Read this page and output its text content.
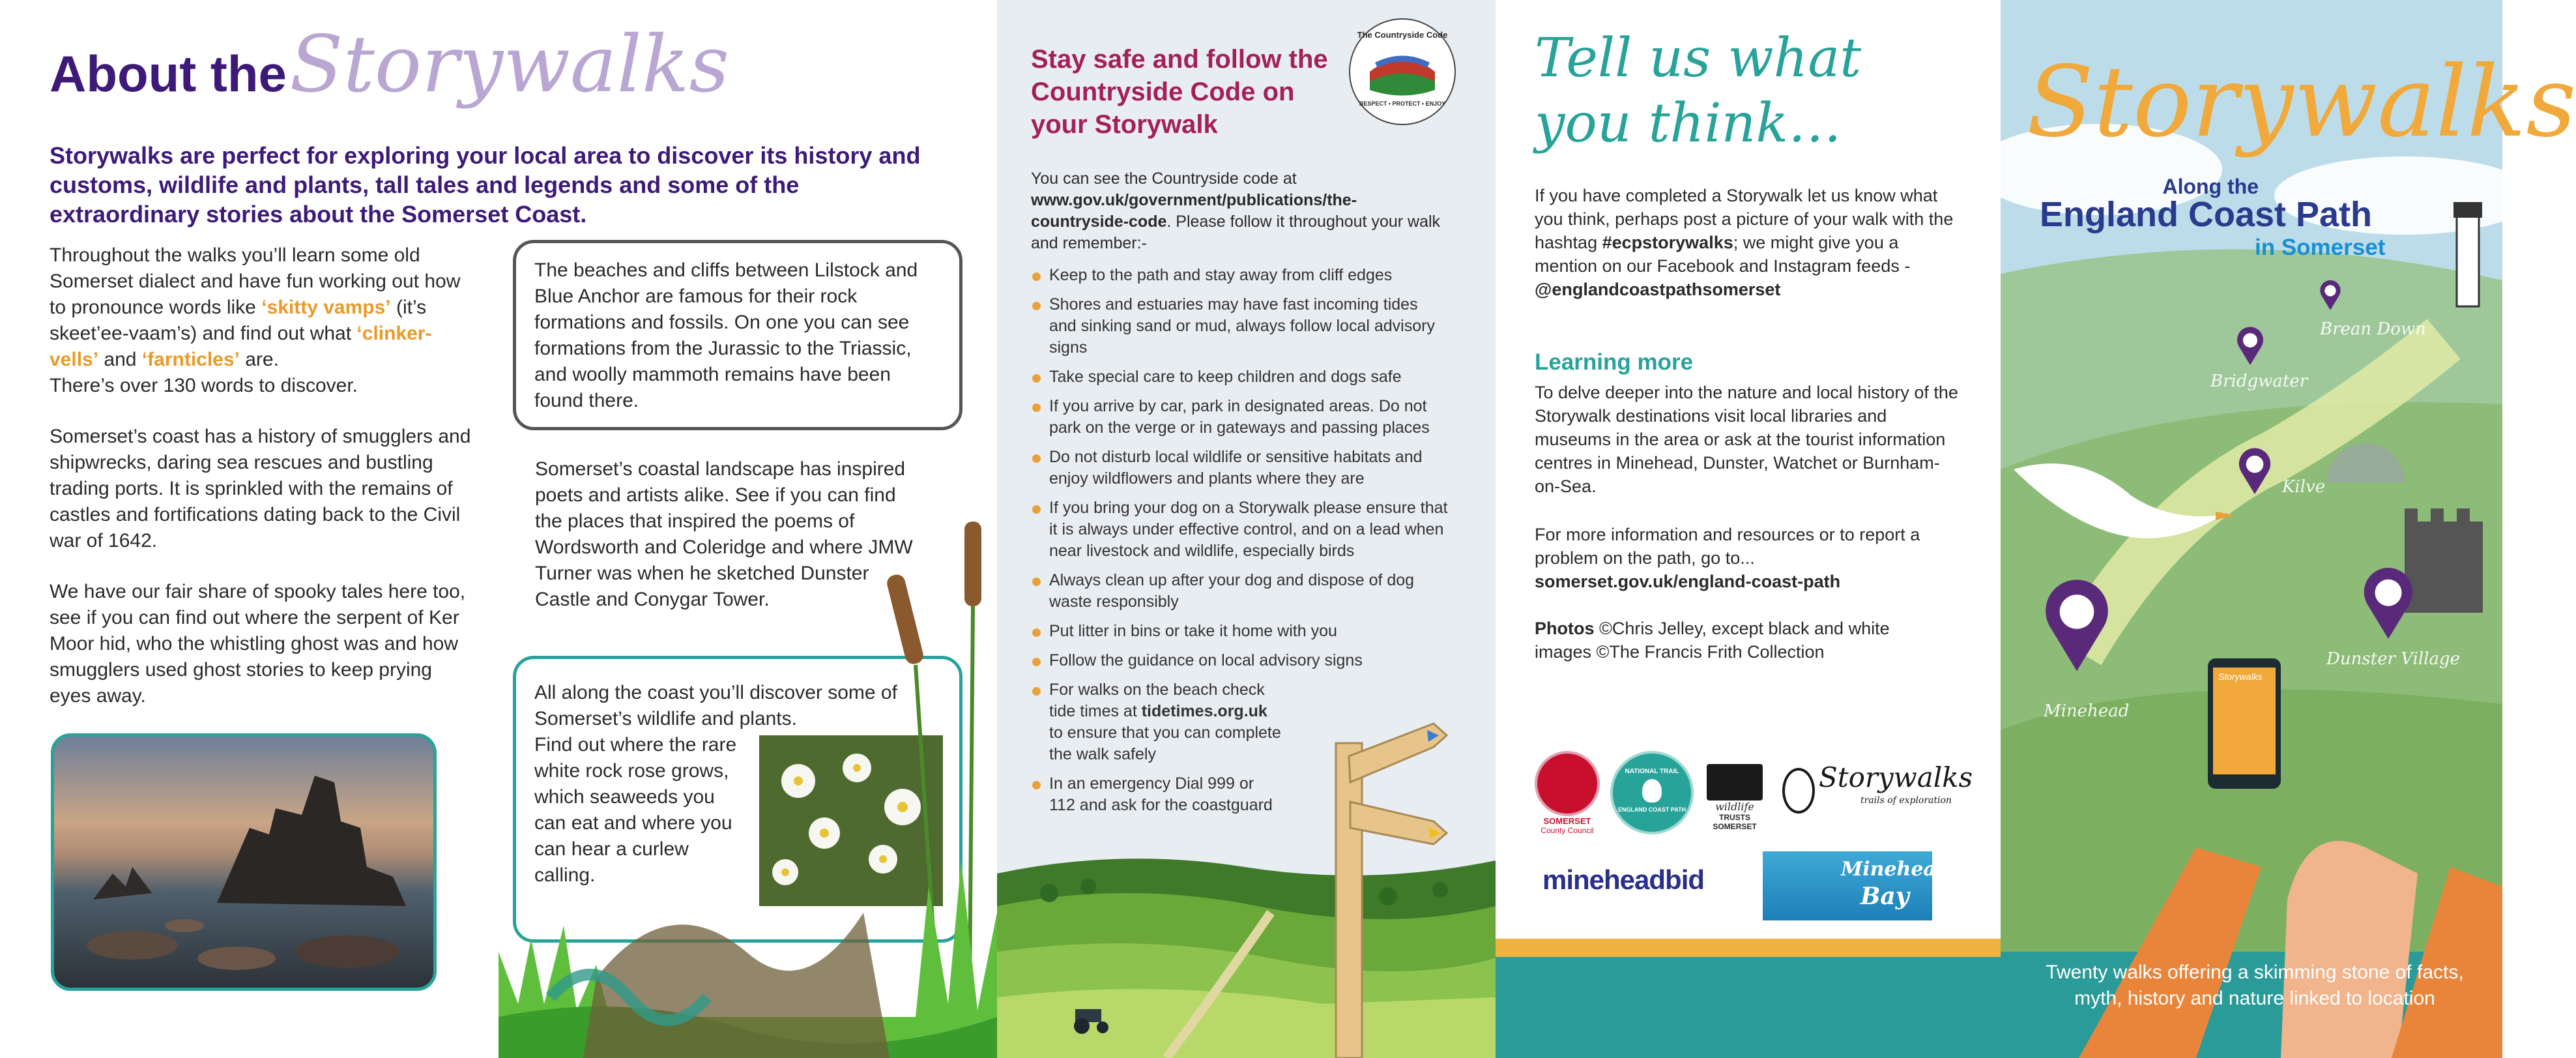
About the Storywalks
Storywalks are perfect for exploring your local area to discover its history and customs, wildlife and plants, tall tales and legends and some of the extraordinary stories about the Somerset Coast.
Throughout the walks you’ll learn some old Somerset dialect and have fun working out how to pronounce words like ‘skitty vamps’ (it’s skeet’ee-vaam’s) and find out what ‘clinker-vells’ and ‘farnticles’ are.
There’s over 130 words to discover.
Somerset’s coast has a history of smugglers and shipwrecks, daring sea rescues and bustling trading ports. It is sprinkled with the remains of castles and fortifications dating back to the Civil war of 1642.
We have our fair share of spooky tales here too, see if you can find out where the serpent of Ker Moor hid, who the whistling ghost was and how smugglers used ghost stories to keep prying eyes away.
The wreck of the Nornen at Berrow
The beaches and cliffs between Lilstock and Blue Anchor are famous for their rock formations and fossils. On one you can see formations from the Jurassic to the Triassic, and woolly mammoth remains have been found there.
Somerset’s coastal landscape has inspired poets and artists alike. See if you can find the places that inspired the poems of Wordsworth and Coleridge and where JMW Turner was when he sketched Dunster Castle and Conygar Tower.
All along the coast you’ll discover some of Somerset’s wildlife and plants.
Find out where the rare white rock rose grows, which seaweeds you can eat and where you can hear a curlew calling.
Stay safe and follow the Countryside Code on your Storywalk
The Countryside Code
RESPECT • PROTECT • ENJOY
You can see the Countryside code at
www.gov.uk/government/publications/the-countryside-code. Please follow it throughout your walk and remember:-
Keep to the path and stay away from cliff edges
Shores and estuaries may have fast incoming tides and sinking sand or mud, always follow local advisory signs
Take special care to keep children and dogs safe
If you arrive by car, park in designated areas. Do not park on the verge or in gateways and passing places
Do not disturb local wildlife or sensitive habitats and enjoy wildflowers and plants where they are
If you bring your dog on a Storywalk please ensure that it is always under effective control, and on a lead when near livestock and wildlife, especially birds
Always clean up after your dog and dispose of dog waste responsibly
Put litter in bins or take it home with you
Follow the guidance on local advisory signs
For walks on the beach check tide times at tidetimes.org.uk to ensure that you can complete the walk safely
In an emergency Dial 999 or 112 and ask for the coastguard
Tell us what
you think…
If you have completed a Storywalk let us know what you think, perhaps post a picture of your walk with the hashtag #ecpstorywalks; we might give you a mention on our Facebook and Instagram feeds -
@englandcoastpathsomerset
Learning more
To delve deeper into the nature and local history of the Storywalk destinations visit local libraries and museums in the area or ask at the tourist information centres in Minehead, Dunster, Watchet or Burnham-on-Sea.
For more information and resources or to report a problem on the path, go to...
somerset.gov.uk/england-coast-path
Photos ©Chris Jelley, except black and white images ©The Francis Frith Collection
SOMERSET
County Council
NATIONAL TRAIL
ENGLAND COAST PATH	wildlife
TRUSTS
SOMERSET
Storywalks
trails of exploration
mineheadbid	Minehead
Bay
Brean Down
Bridgwater
Kilve
Dunster Village
Minehead
Storywalks
Along the
England Coast Path
in Somerset
Storywalks
Twenty walks offering a skimming stone of facts, myth, history and nature linked to location
